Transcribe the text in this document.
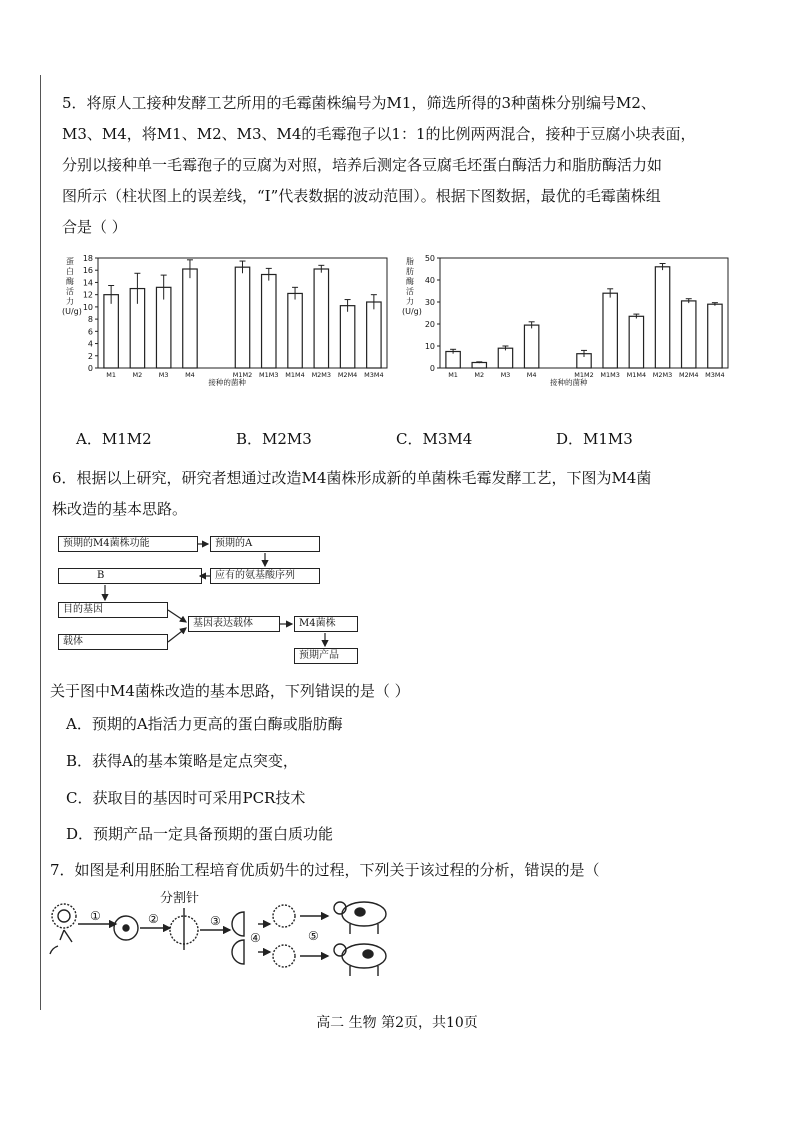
5．将原人工接种发酵工艺所用的毛霉菌株编号为M1，筛选所得的3种菌株分别编号M2、

M3、M4，将M1、M2、M3、M4的毛霉孢子以1：1的比例两两混合，接种于豆腐小块表面，

分别以接种单一毛霉孢子的豆腐为对照，培养后测定各豆腐毛坯蛋白酶活力和脂肪酶活力如

图所示（柱状图上的误差线，“I”代表数据的波动范围）。根据下图数据，最优的毛霉菌株组

合是（ ）

蛋白酶活力(U/g)
0
2
4
6
8
10
12
14
16
18
M1	M2	M3	M4	M1M2 M1M3 M1M4 M2M3 M2M4 M3M4
接种的菌种
脂肪酶活力(U/g)
0
10
20
30
40
50
M1	M2	M3	M4	M1M2 M1M3 M1M4 M2M3 M2M4 M3M4
接种的菌种
A．M1M2	B．M2M3	C．M3M4	D．M1M3

6．根据以上研究，研究者想通过改造M4菌株形成新的单菌株毛霉发酵工艺，下图为M4菌

株改造的基本思路。

预期的M4菌株功能	预期的A
应有的氨基酸序列
B
目的基因
载体
基因表达载体	M4菌株
预期产品
关于图中M4菌株改造的基本思路，下列错误的是（ ）
A．预期的A指活力更高的蛋白酶或脂肪酶
B．获得A的基本策略是定点突变，
C．获取目的基因时可采用PCR技术
D．预期产品一定具备预期的蛋白质功能
7．如图是利用胚胎工程培育优质奶牛的过程，下列关于该过程的分析，错误的是（
分割针
①	②	③
④	⑤
高二 生物 第2页，共10页
